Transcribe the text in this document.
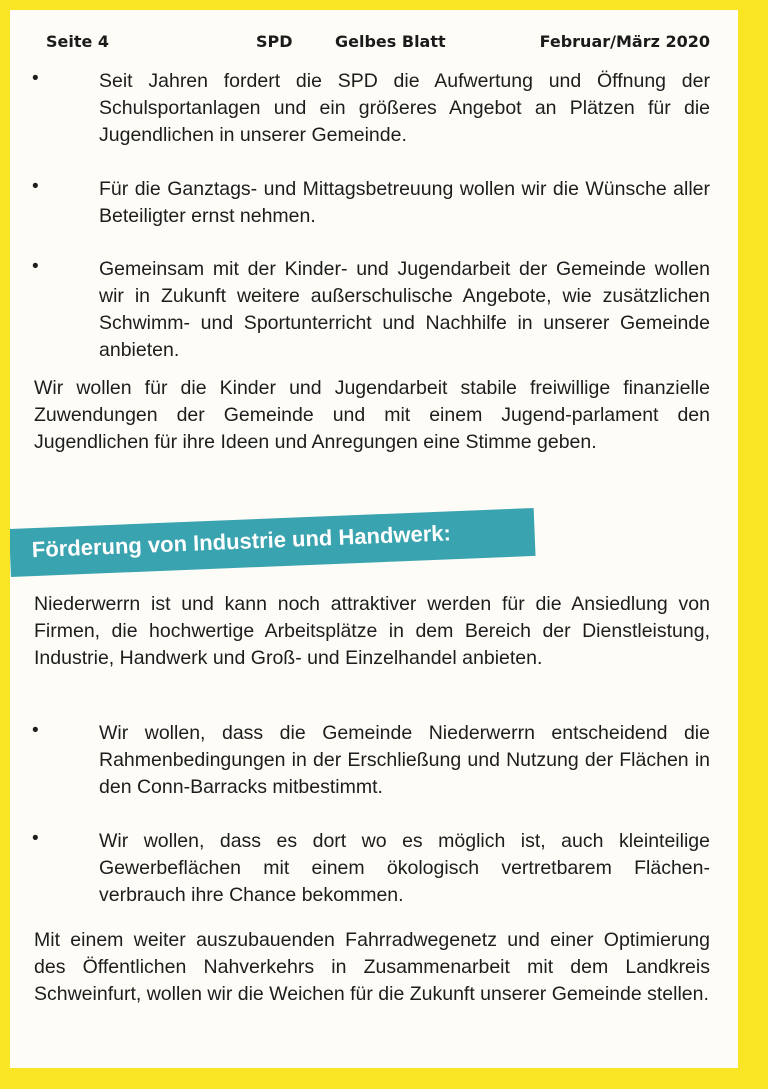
Seite 4	SPD	Gelbes Blatt	Februar/März 2020
•	Seit Jahren fordert die SPD die Aufwertung und Öffnung der Schulsportanlagen und ein größeres Angebot an Plätzen für die Jugendlichen in unserer Gemeinde.
•	Für die Ganztags- und Mittagsbetreuung wollen wir die Wünsche aller Beteiligter ernst nehmen.
•	Gemeinsam mit der Kinder- und Jugendarbeit der Gemeinde wollen wir in Zukunft weitere außerschulische Angebote, wie zusätzlichen Schwimm- und Sportunterricht und Nachhilfe in unserer Gemeinde anbieten.
Wir wollen für die Kinder und Jugendarbeit stabile freiwillige finanzielle Zuwendungen der Gemeinde und mit einem Jugend-parlament den Jugendlichen für ihre Ideen und Anregungen eine Stimme geben.
Förderung von Industrie und Handwerk:
Niederwerrn ist und kann noch attraktiver werden für die Ansiedlung von Firmen, die hochwertige Arbeitsplätze in dem Bereich der Dienstleistung, Industrie, Handwerk und Groß- und Einzelhandel anbieten.
•	Wir wollen, dass die Gemeinde Niederwerrn entscheidend die Rahmenbedingungen in der Erschließung und Nutzung der Flächen in den Conn-Barracks mitbestimmt.
•	Wir wollen, dass es dort wo es möglich ist, auch kleinteilige Gewerbeflächen mit einem ökologisch vertretbarem Flächen-verbrauch ihre Chance bekommen.
Mit einem weiter auszubauenden Fahrradwegenetz und einer Optimierung des Öffentlichen Nahverkehrs in Zusammenarbeit mit dem Landkreis Schweinfurt, wollen wir die Weichen für die Zukunft unserer Gemeinde stellen.
